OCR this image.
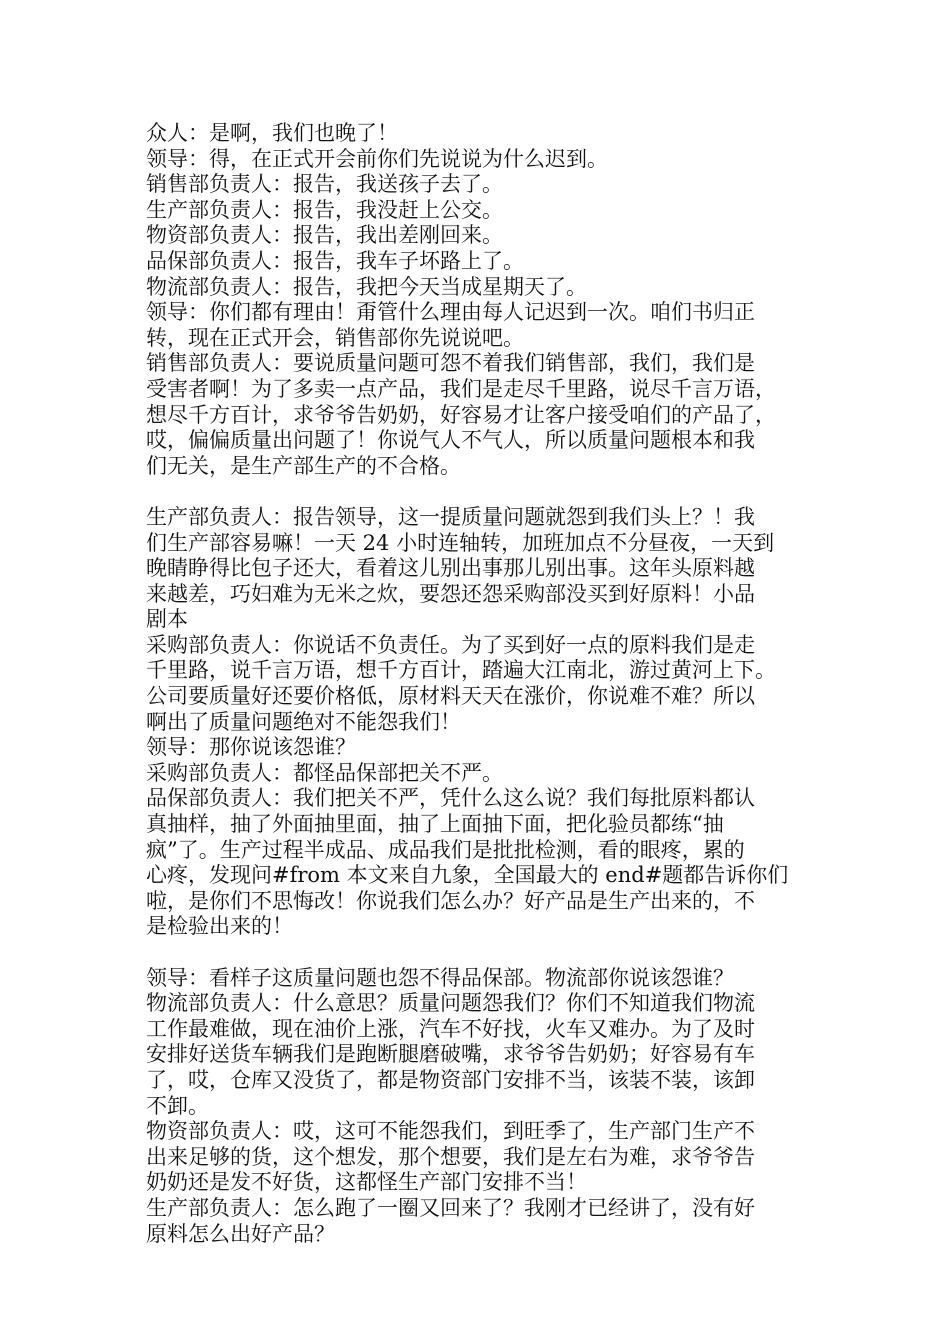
众人：是啊，我们也晚了！
领导：得，在正式开会前你们先说说为什么迟到。
销售部负责人：报告，我送孩子去了。
生产部负责人：报告，我没赶上公交。
物资部负责人：报告，我出差刚回来。
品保部负责人：报告，我车子坏路上了。
物流部负责人：报告，我把今天当成星期天了。
领导：你们都有理由！甭管什么理由每人记迟到一次。咱们书归正
转，现在正式开会，销售部你先说说吧。
销售部负责人：要说质量问题可怨不着我们销售部，我们，我们是
受害者啊！为了多卖一点产品，我们是走尽千里路，说尽千言万语，
想尽千方百计，求爷爷告奶奶，好容易才让客户接受咱们的产品了，
哎，偏偏质量出问题了！你说气人不气人，所以质量问题根本和我
们无关，是生产部生产的不合格。
生产部负责人：报告领导，这一提质量问题就怨到我们头上？！我
们生产部容易嘛！一天 24 小时连轴转，加班加点不分昼夜，一天到
晚睛睁得比包子还大，看着这儿别出事那儿别出事。这年头原料越
来越差，巧妇难为无米之炊，要怨还怨采购部没买到好原料！小品
剧本
采购部负责人：你说话不负责任。为了买到好一点的原料我们是走
千里路，说千言万语，想千方百计，踏遍大江南北，游过黄河上下。
公司要质量好还要价格低，原材料天天在涨价，你说难不难？所以
啊出了质量问题绝对不能怨我们！
领导：那你说该怨谁？
采购部负责人：都怪品保部把关不严。
品保部负责人：我们把关不严，凭什么这么说？我们每批原料都认
真抽样，抽了外面抽里面，抽了上面抽下面，把化验员都练“抽
疯”了。生产过程半成品、成品我们是批批检测，看的眼疼，累的
心疼，发现问#from 本文来自九象，全国最大的 end#题都告诉你们
啦，是你们不思悔改！你说我们怎么办？好产品是生产出来的，不
是检验出来的！
领导：看样子这质量问题也怨不得品保部。物流部你说该怨谁？
物流部负责人：什么意思？质量问题怨我们？你们不知道我们物流
工作最难做，现在油价上涨，汽车不好找，火车又难办。为了及时
安排好送货车辆我们是跑断腿磨破嘴，求爷爷告奶奶；好容易有车
了，哎，仓库又没货了，都是物资部门安排不当，该装不装，该卸
不卸。
物资部负责人：哎，这可不能怨我们，到旺季了，生产部门生产不
出来足够的货，这个想发，那个想要，我们是左右为难，求爷爷告
奶奶还是发不好货，这都怪生产部门安排不当！
生产部负责人：怎么跑了一圈又回来了？我刚才已经讲了，没有好
原料怎么出好产品？
